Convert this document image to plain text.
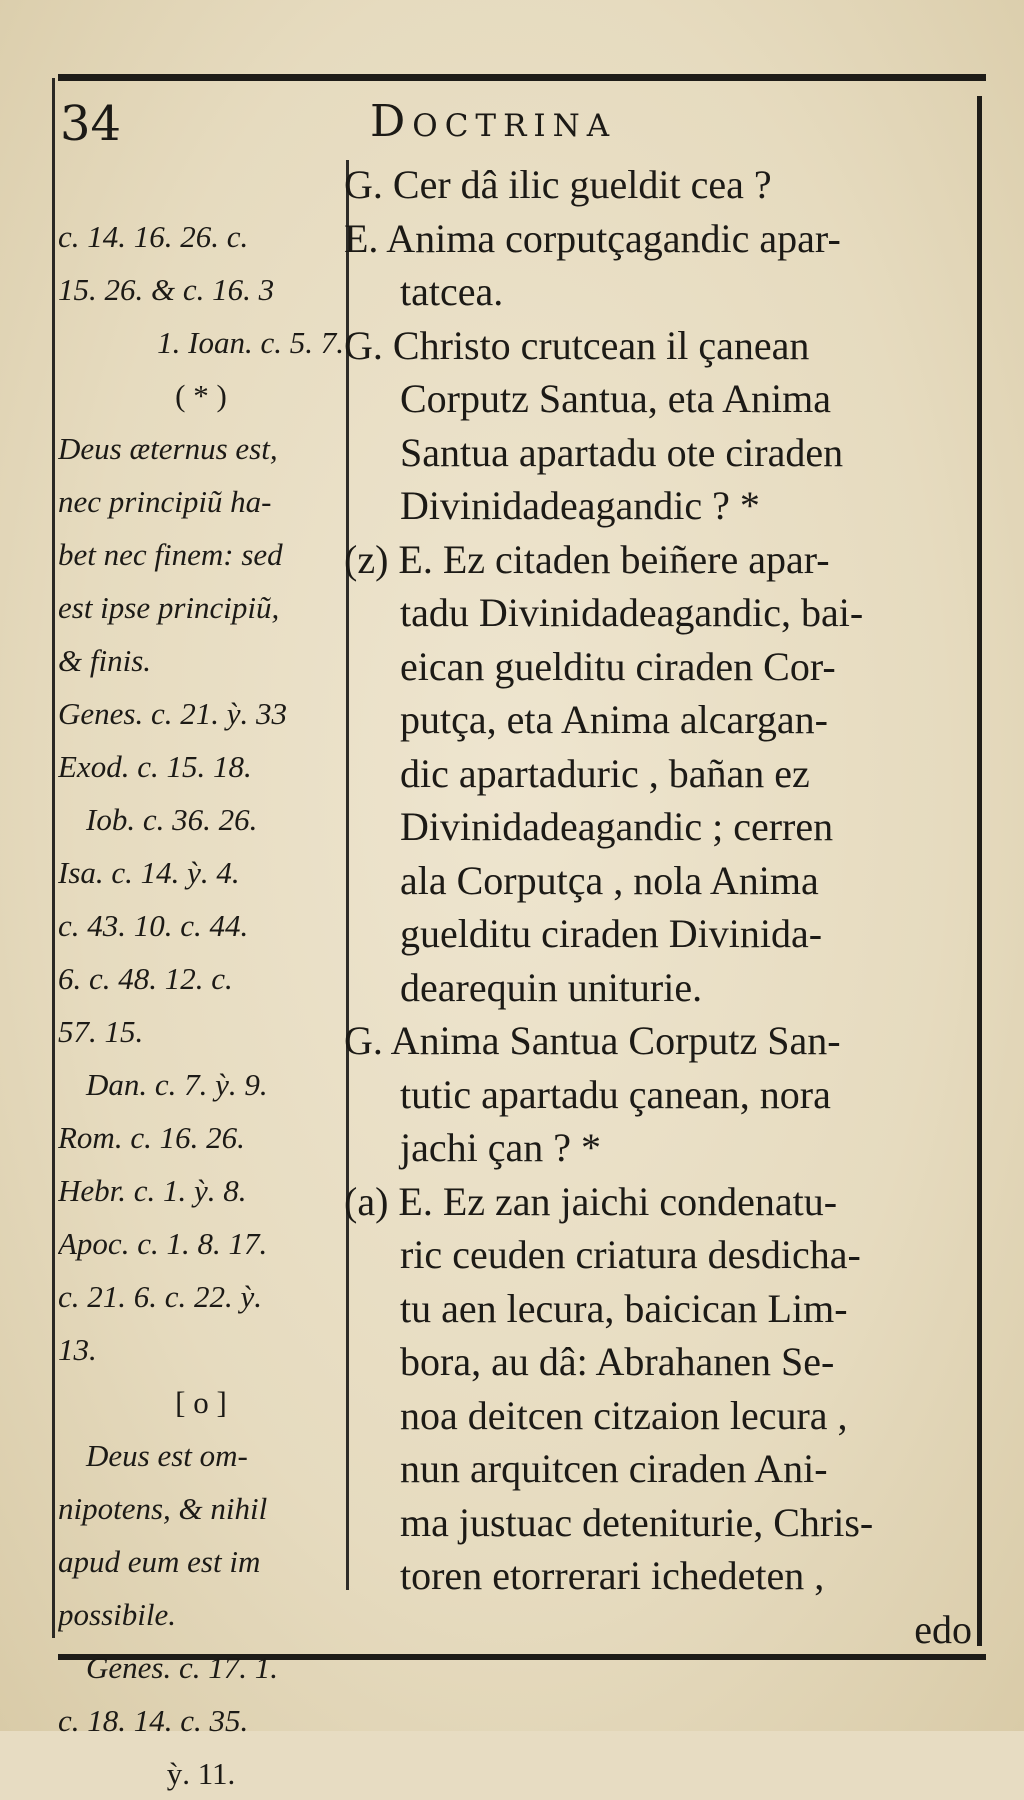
34	Doctrina
c. 14. 16. 26. c.
15. 26. & c. 16. 3
1. Ioan. c. 5. 7.
( * )
Deus æternus est,
nec principiũ ha-
bet nec finem: sed
est ipse principiũ,
& finis.
Genes. c. 21. ỳ. 33
Exod. c. 15. 18.
Iob. c. 36. 26.
Isa. c. 14. ỳ. 4.
c. 43. 10. c. 44.
6. c. 48. 12. c.
57. 15.
Dan. c. 7. ỳ. 9.
Rom. c. 16. 26.
Hebr. c. 1. ỳ. 8.
Apoc. c. 1. 8. 17.
c. 21. 6. c. 22. ỳ.
13.
[ o ]
Deus est om-
nipotens, & nihil
apud eum est im
possibile.
Genes. c. 17. 1.
c. 18. 14. c. 35.
ỳ. 11.
G. Cer dâ ilic gueldit cea ?
E. Anima corputçagandic apar-
tatcea.
G. Christo crutcean il çanean
Corputz Santua, eta Anima
Santua apartadu ote ciraden
Divinidadeagandic ? *
(z) E. Ez citaden beiñere apar-
tadu Divinidadeagandic, bai-
eican guelditu ciraden Cor-
putça, eta Anima alcargan-
dic apartaduric , bañan ez
Divinidadeagandic ; cerren
ala Corputça , nola Anima
guelditu ciraden Divinida-
dearequin uniturie.
G. Anima Santua Corputz San-
tutic apartadu çanean, nora
jachi çan ? *
(a) E. Ez zan jaichi condenatu-
ric ceuden criatura desdicha-
tu aen lecura, baicican Lim-
bora, au dâ: Abrahanen Se-
noa deitcen citzaion lecura ,
nun arquitcen ciraden Ani-
ma justuac deteniturie, Chris-
toren etorrerari ichedeten ,
edo
